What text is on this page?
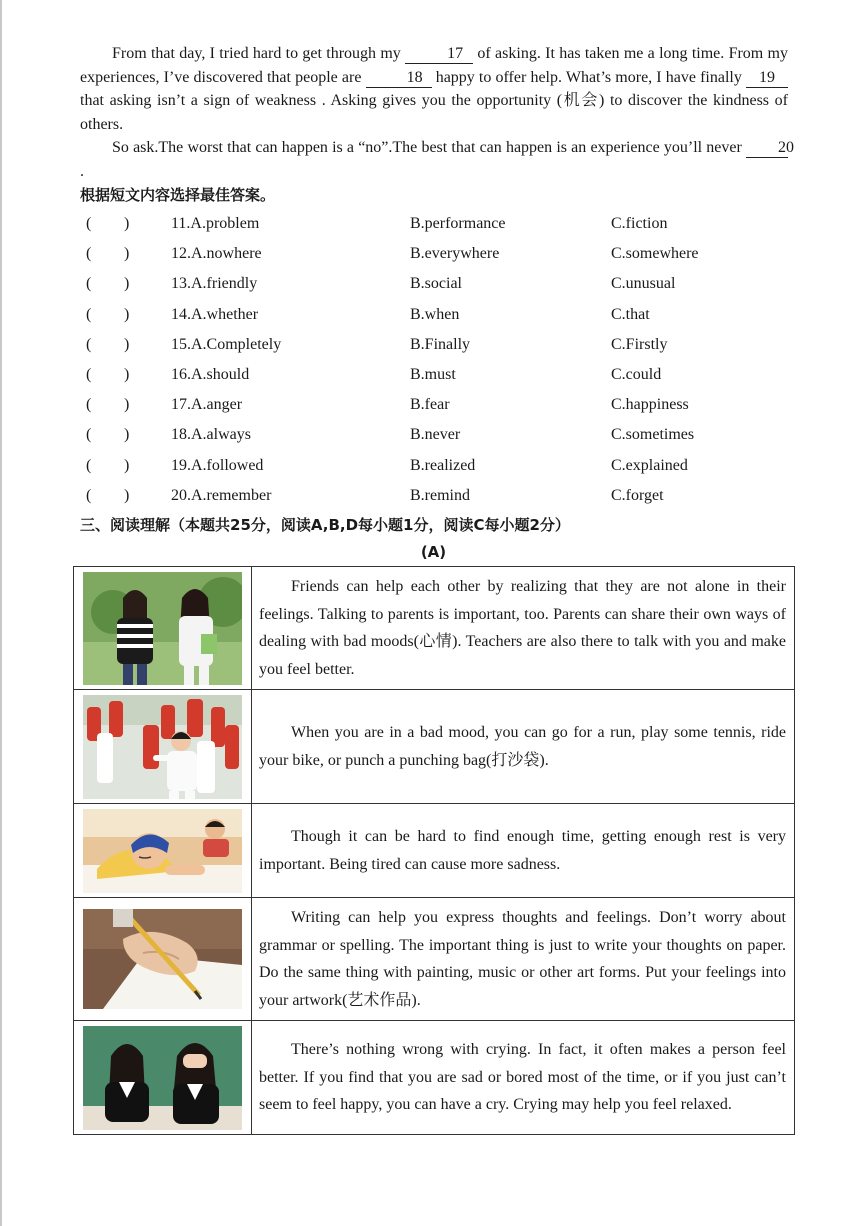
From that day, I tried hard to get through my	17 of asking. It has taken me a long time. From my experiences, I’ve discovered that people are	18 happy to offer help. What’s more, I have finally 19 that asking isn’t a sign of weakness . Asking gives you the opportunity (机会) to discover the kindness of others.
So ask.The worst that can happen is a “no”.The best that can happen is an experience you’ll never 20.
根据短文内容选择最佳答案。
( )	11.A.problem	B.performance	C.fiction
( )	12.A.nowhere	B.everywhere	C.somewhere
( )	13.A.friendly	B.social	C.unusual
( )	14.A.whether	B.when	C.that
( )	15.A.Completely	B.Finally	C.Firstly
( )	16.A.should	B.must	C.could
( )	17.A.anger	B.fear	C.happiness
( )	18.A.always	B.never	C.sometimes
( )	19.A.followed	B.realized	C.explained
( )	20.A.remember	B.remind	C.forget
三、阅读理解（本题共25分，阅读A,B,D每小题1分，阅读C每小题2分）
(A)
	Friends can help each other by realizing that they are not alone in their feelings. Talking to parents is important, too. Parents can share their own ways of dealing with bad moods(心情). Teachers are also there to talk with you and make you feel better.

	When you are in a bad mood, you can go for a run, play some tennis, ride your bike, or punch a punching bag(打沙袋).

	Though it can be hard to find enough time, getting enough rest is very important. Being tired can cause more sadness.

	Writing can help you express thoughts and feelings. Don’t worry about grammar or spelling. The important thing is just to write your thoughts on paper. Do the same thing with painting, music or other art forms. Put your feelings into your artwork(艺术作品).

	There’s nothing wrong with crying. In fact, it often makes a person feel better. If you find that you are sad or bored most of the time, or if you just can’t seem to feel happy, you can have a cry. Crying may help you feel relaxed.
